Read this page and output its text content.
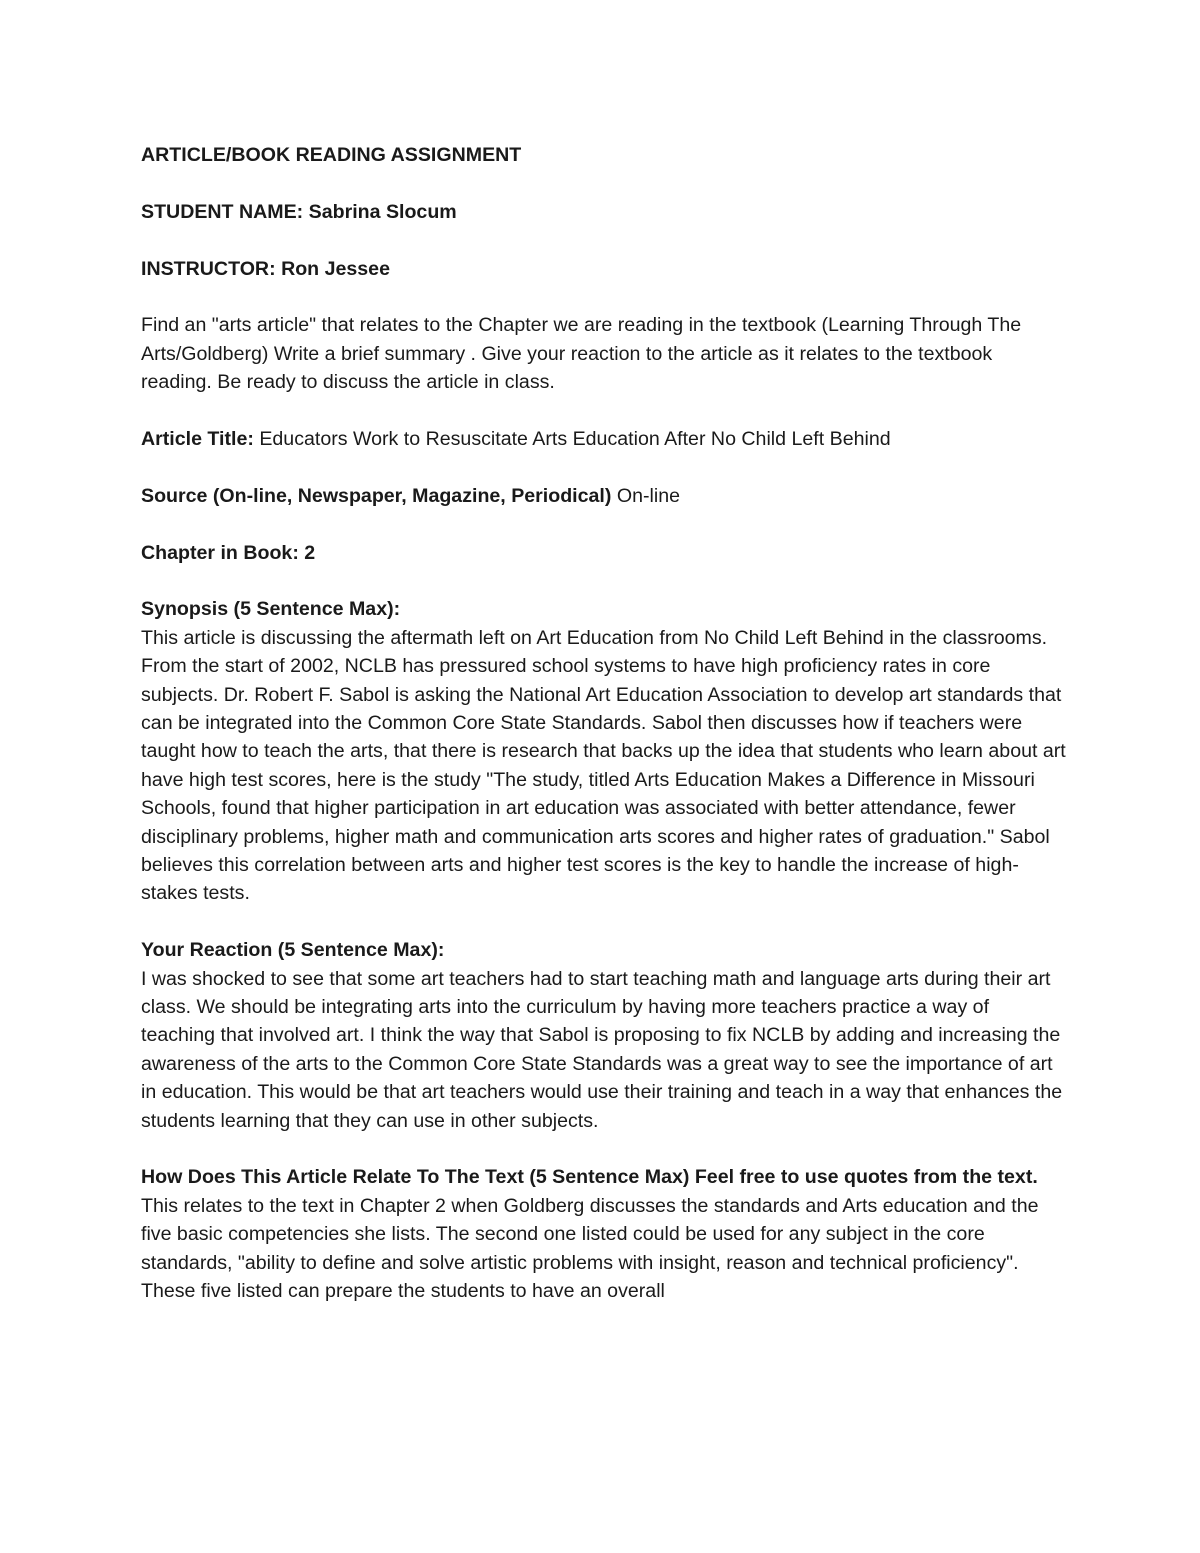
ARTICLE/BOOK READING ASSIGNMENT

STUDENT NAME: Sabrina Slocum

INSTRUCTOR: Ron Jessee

Find an "arts article" that relates to the Chapter we are reading in the textbook (Learning Through The Arts/Goldberg) Write a brief summary . Give your reaction to the article as it relates to the textbook reading. Be ready to discuss the article in class.

Article Title: Educators Work to Resuscitate Arts Education After No Child Left Behind

Source (On-line, Newspaper, Magazine, Periodical) On-line

Chapter in Book: 2

Synopsis (5 Sentence Max):

This article is discussing the aftermath left on Art Education from No Child Left Behind in the classrooms. From the start of 2002, NCLB has pressured school systems to have high proficiency rates in core subjects. Dr. Robert F. Sabol is asking the National Art Education Association to develop art standards that can be integrated into the Common Core State Standards. Sabol then discusses how if teachers were taught how to teach the arts, that there is research that backs up the idea that students who learn about art have high test scores, here is the study "The study, titled Arts Education Makes a Difference in Missouri Schools, found that higher participation in art education was associated with better attendance, fewer disciplinary problems, higher math and communication arts scores and higher rates of graduation." Sabol believes this correlation between arts and higher test scores is the key to handle the increase of high-stakes tests.

Your Reaction (5 Sentence Max):

I was shocked to see that some art teachers had to start teaching math and language arts during their art class. We should be integrating arts into the curriculum by having more teachers practice a way of teaching that involved art. I think the way that Sabol is proposing to fix NCLB by adding and increasing the awareness of the arts to the Common Core State Standards was a great way to see the importance of art in education. This would be that art teachers would use their training and teach in a way that enhances the students learning that they can use in other subjects.

How Does This Article Relate To The Text (5 Sentence Max) Feel free to use quotes from the text.

This relates to the text in Chapter 2 when Goldberg discusses the standards and Arts education and the five basic competencies she lists. The second one listed could be used for any subject in the core standards, "ability to define and solve artistic problems with insight, reason and technical proficiency". These five listed can prepare the students to have an overall
